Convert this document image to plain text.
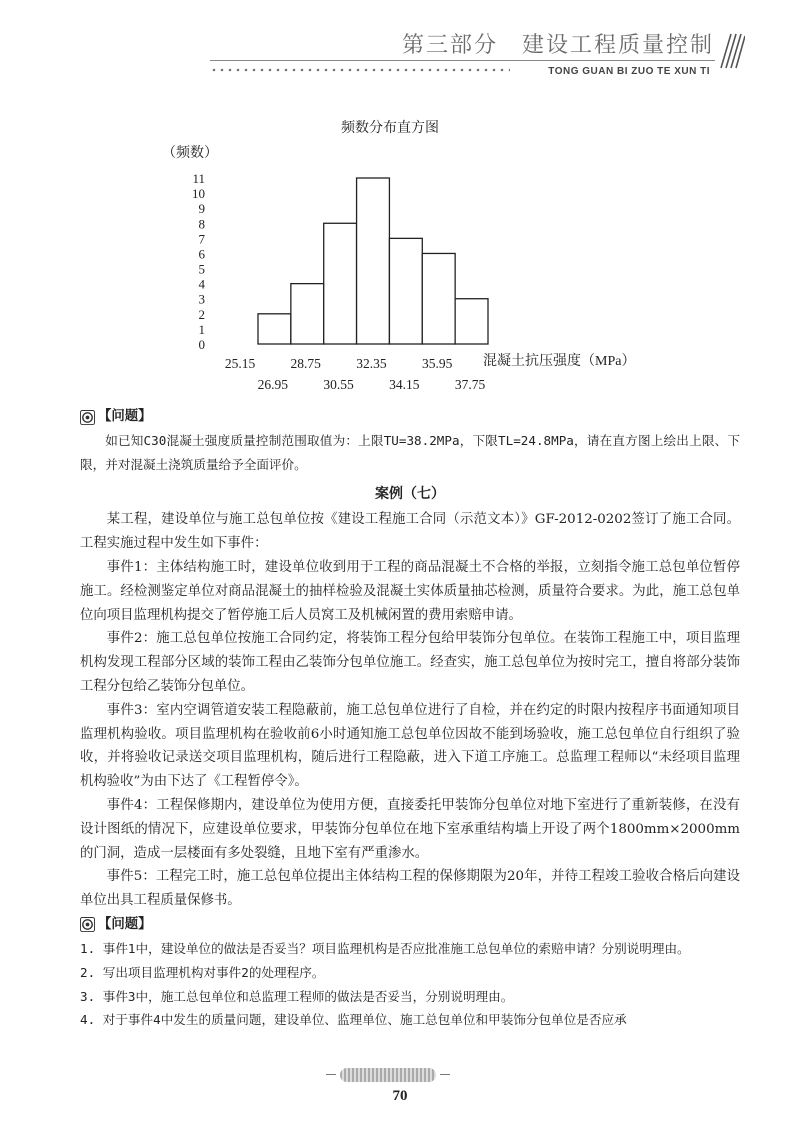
第三部分 建设工程质量控制
TONG GUAN BI ZUO TE XUN TI
频数分布直方图
（频数）
混凝土抗压强度（MPa）
0
1
2
3
4
5
6
7
8
9
10
11
25.15	28.75	32.35	35.95
26.95	30.55	34.15	37.75
【问题】

如已知C30混凝土强度质量控制范围取值为：上限TU=38.2MPa，下限TL=24.8MPa，请在直方图上绘出上限、下限，并对混凝土浇筑质量给予全面评价。

案例（七）

某工程，建设单位与施工总包单位按《建设工程施工合同（示范文本）》GF-2012-0202签订了施工合同。工程实施过程中发生如下事件：

事件1：主体结构施工时，建设单位收到用于工程的商品混凝土不合格的举报，立刻指令施工总包单位暂停施工。经检测鉴定单位对商品混凝土的抽样检验及混凝土实体质量抽芯检测，质量符合要求。为此，施工总包单位向项目监理机构提交了暂停施工后人员窝工及机械闲置的费用索赔申请。

事件2：施工总包单位按施工合同约定，将装饰工程分包给甲装饰分包单位。在装饰工程施工中，项目监理机构发现工程部分区域的装饰工程由乙装饰分包单位施工。经查实，施工总包单位为按时完工，擅自将部分装饰工程分包给乙装饰分包单位。

事件3：室内空调管道安装工程隐蔽前，施工总包单位进行了自检，并在约定的时限内按程序书面通知项目监理机构验收。项目监理机构在验收前6小时通知施工总包单位因故不能到场验收，施工总包单位自行组织了验收，并将验收记录送交项目监理机构，随后进行工程隐蔽，进入下道工序施工。总监理工程师以“未经项目监理机构验收”为由下达了《工程暂停令》。

事件4：工程保修期内，建设单位为使用方便，直接委托甲装饰分包单位对地下室进行了重新装修，在没有设计图纸的情况下，应建设单位要求，甲装饰分包单位在地下室承重结构墙上开设了两个1800mm×2000mm的门洞，造成一层楼面有多处裂缝，且地下室有严重渗水。

事件5：工程完工时，施工总包单位提出主体结构工程的保修期限为20年，并待工程竣工验收合格后向建设单位出具工程质量保修书。

【问题】

1. 事件1中，建设单位的做法是否妥当？项目监理机构是否应批准施工总包单位的索赔申请？分别说明理由。

2. 写出项目监理机构对事件2的处理程序。

3. 事件3中，施工总包单位和总监理工程师的做法是否妥当，分别说明理由。

4. 对于事件4中发生的质量问题，建设单位、监理单位、施工总包单位和甲装饰分包单位是否应承

70
